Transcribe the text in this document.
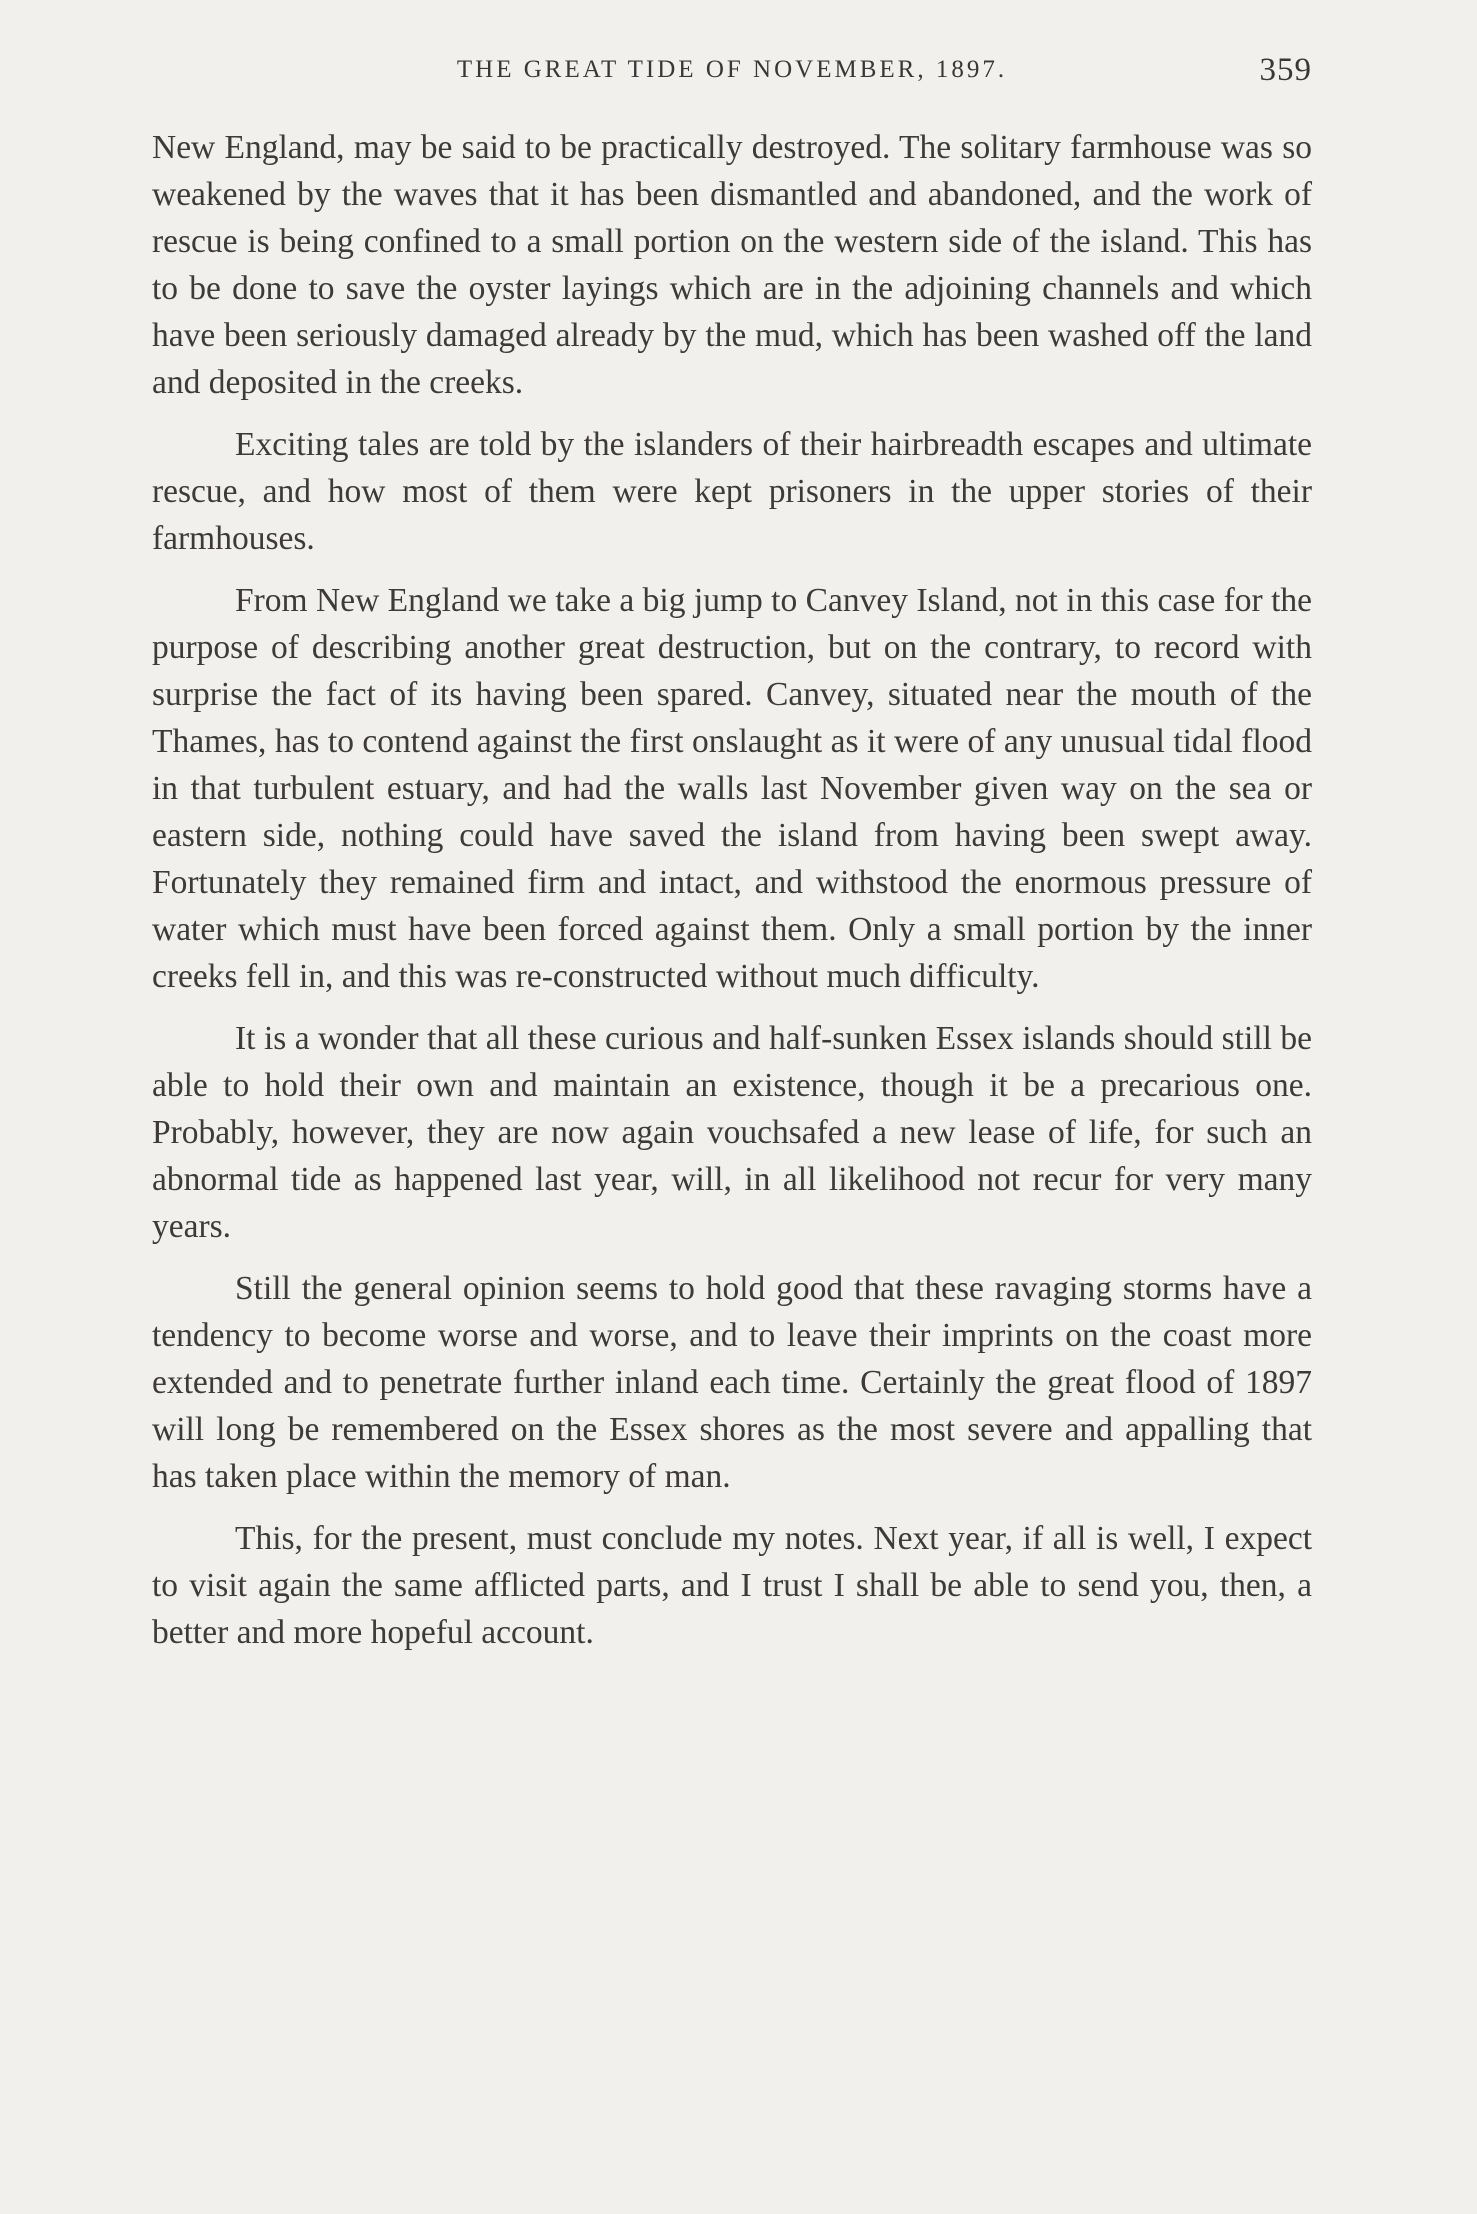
THE GREAT TIDE OF NOVEMBER, 1897.	359

New England, may be said to be practically destroyed. The solitary farmhouse was so weakened by the waves that it has been dismantled and abandoned, and the work of rescue is being confined to a small portion on the western side of the island. This has to be done to save the oyster layings which are in the adjoining channels and which have been seriously damaged already by the mud, which has been washed off the land and deposited in the creeks.

Exciting tales are told by the islanders of their hairbreadth escapes and ultimate rescue, and how most of them were kept prisoners in the upper stories of their farmhouses.

From New England we take a big jump to Canvey Island, not in this case for the purpose of describing another great destruction, but on the contrary, to record with surprise the fact of its having been spared. Canvey, situated near the mouth of the Thames, has to contend against the first onslaught as it were of any unusual tidal flood in that turbulent estuary, and had the walls last November given way on the sea or eastern side, nothing could have saved the island from having been swept away. Fortunately they remained firm and intact, and withstood the enormous pressure of water which must have been forced against them. Only a small portion by the inner creeks fell in, and this was re-constructed without much difficulty.

It is a wonder that all these curious and half-sunken Essex islands should still be able to hold their own and maintain an existence, though it be a precarious one. Probably, however, they are now again vouchsafed a new lease of life, for such an abnormal tide as happened last year, will, in all likelihood not recur for very many years.

Still the general opinion seems to hold good that these ravaging storms have a tendency to become worse and worse, and to leave their imprints on the coast more extended and to penetrate further inland each time. Certainly the great flood of 1897 will long be remembered on the Essex shores as the most severe and appalling that has taken place within the memory of man.

This, for the present, must conclude my notes. Next year, if all is well, I expect to visit again the same afflicted parts, and I trust I shall be able to send you, then, a better and more hopeful account.
